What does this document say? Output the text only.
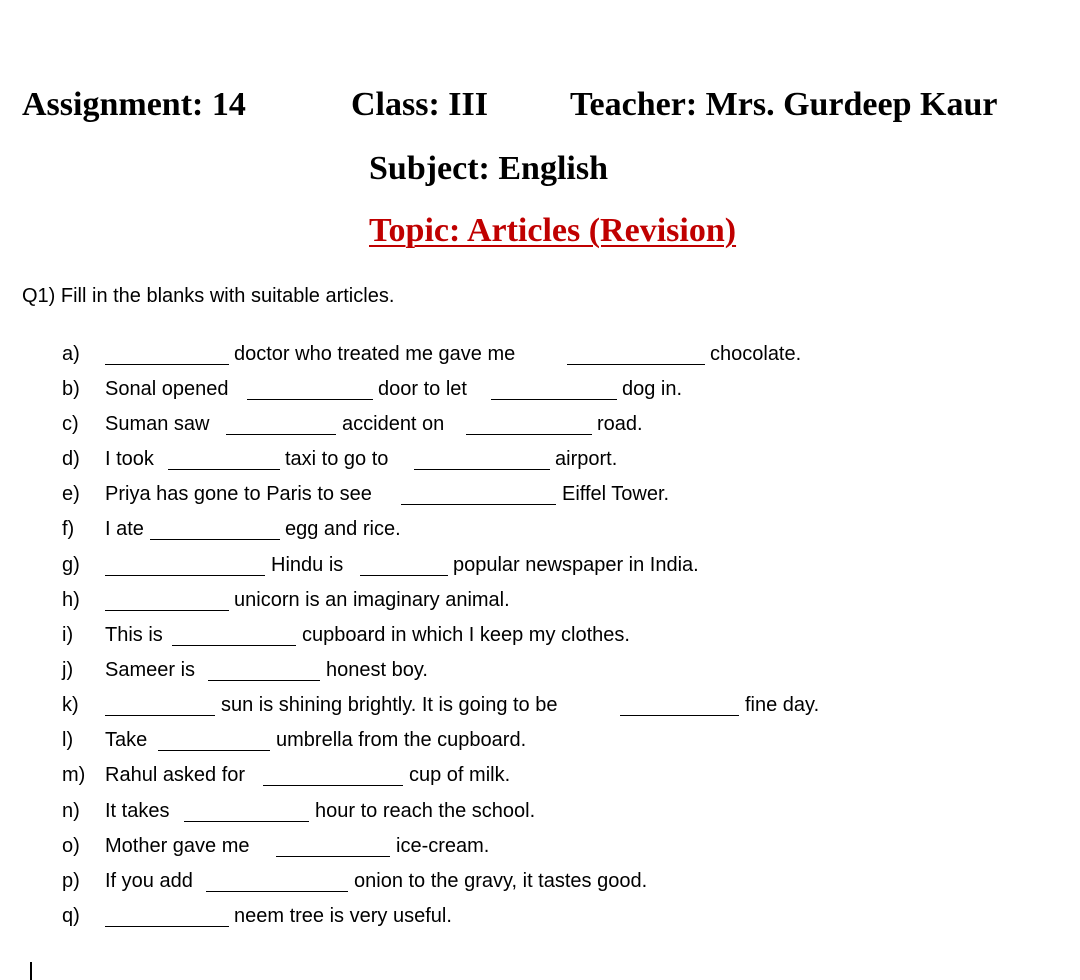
Assignment: 14	Class: III Teacher: Mrs. Gurdeep Kaur
Subject: English
Topic: Articles (Revision)
Q1) Fill in the blanks with suitable articles.
a)	doctor who treated me gave me	chocolate.
b) Sonal opened	door to let	dog in.
c) Suman saw	accident on	road.
d) I took	taxi to go to	airport.
e) Priya has gone to Paris to see	Eiffel Tower.
f) I ate	egg and rice.
g)	Hindu is	popular newspaper in India.
h)	unicorn is an imaginary animal.
i) This is	cupboard in which I keep my clothes.
j) Sameer is	honest boy.
k)	sun is shining brightly. It is going to be	fine day.
l) Take	umbrella from the cupboard.
m) Rahul asked for	cup of milk.
n) It takes	hour to reach the school.
o) Mother gave me	ice-cream.
p) If you add	onion to the gravy, it tastes good.
q)	neem tree is very useful.
